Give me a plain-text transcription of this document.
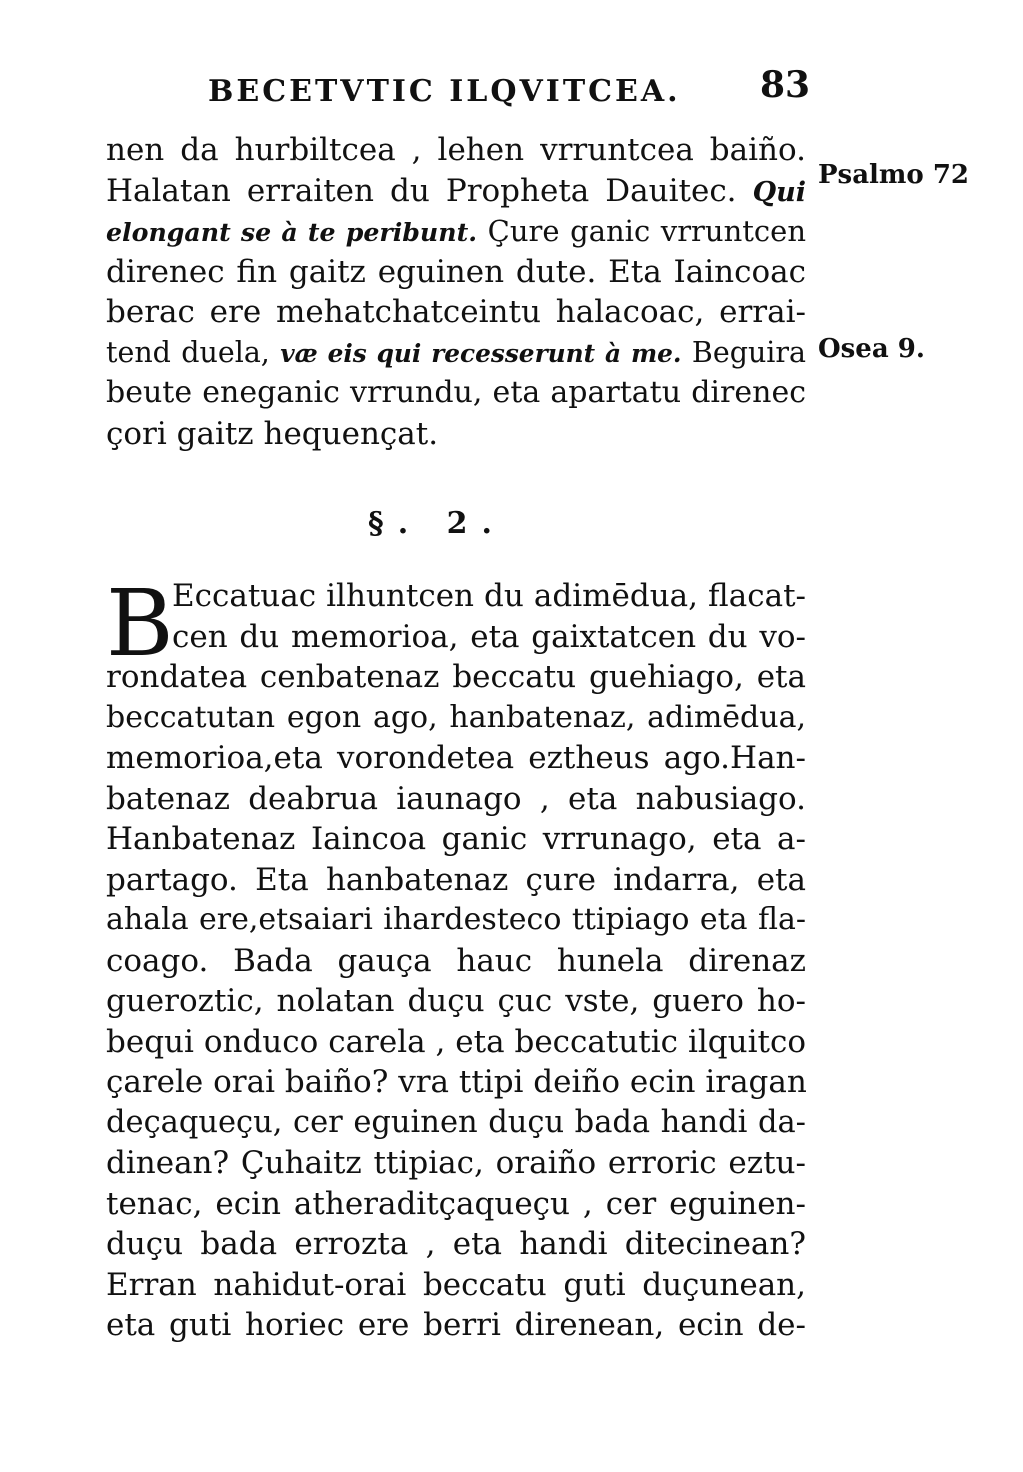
BECETVTIC ILQVITCEA. 83
nen da hurbiltcea , lehen vrruntcea baiño.
Halatan erraiten du Propheta Dauitec. Qui
elongant se à te peribunt. Çure ganic vrruntcen
direnec fin gaitz eguinen dute. Eta Iaincoac
berac ere mehatchatceintu halacoac, errai-
tend duela, væ eis qui recesserunt à me. Beguira
beute eneganic vrrundu, eta apartatu direnec
çori gaitz hequençat.
Psalmo 72
Osea 9.
§. 2.
B
Eccatuac ilhuntcen du adimēdua, flacat-
cen du memorioa, eta gaixtatcen du vo-
rondatea cenbatenaz beccatu guehiago, eta
beccatutan egon ago, hanbatenaz, adimēdua,
memorioa,eta vorondetea eztheus ago.Han-
batenaz deabrua iaunago , eta nabusiago.
Hanbatenaz Iaincoa ganic vrrunago, eta a-
partago. Eta hanbatenaz çure indarra, eta
ahala ere,etsaiari ihardesteco ttipiago eta fla-
coago. Bada gauça hauc hunela direnaz
gueroztic, nolatan duçu çuc vste, guero ho-
bequi onduco carela , eta beccatutic ilquitco
çarele orai baiño? vra ttipi deiño ecin iragan
deçaqueçu, cer eguinen duçu bada handi da-
dinean? Çuhaitz ttipiac, oraiño erroric eztu-
tenac, ecin atheraditçaqueçu , cer eguinen-
duçu bada errozta , eta handi ditecinean?
Erran nahidut-orai beccatu guti duçunean,
eta guti horiec ere berri direnean, ecin de-
